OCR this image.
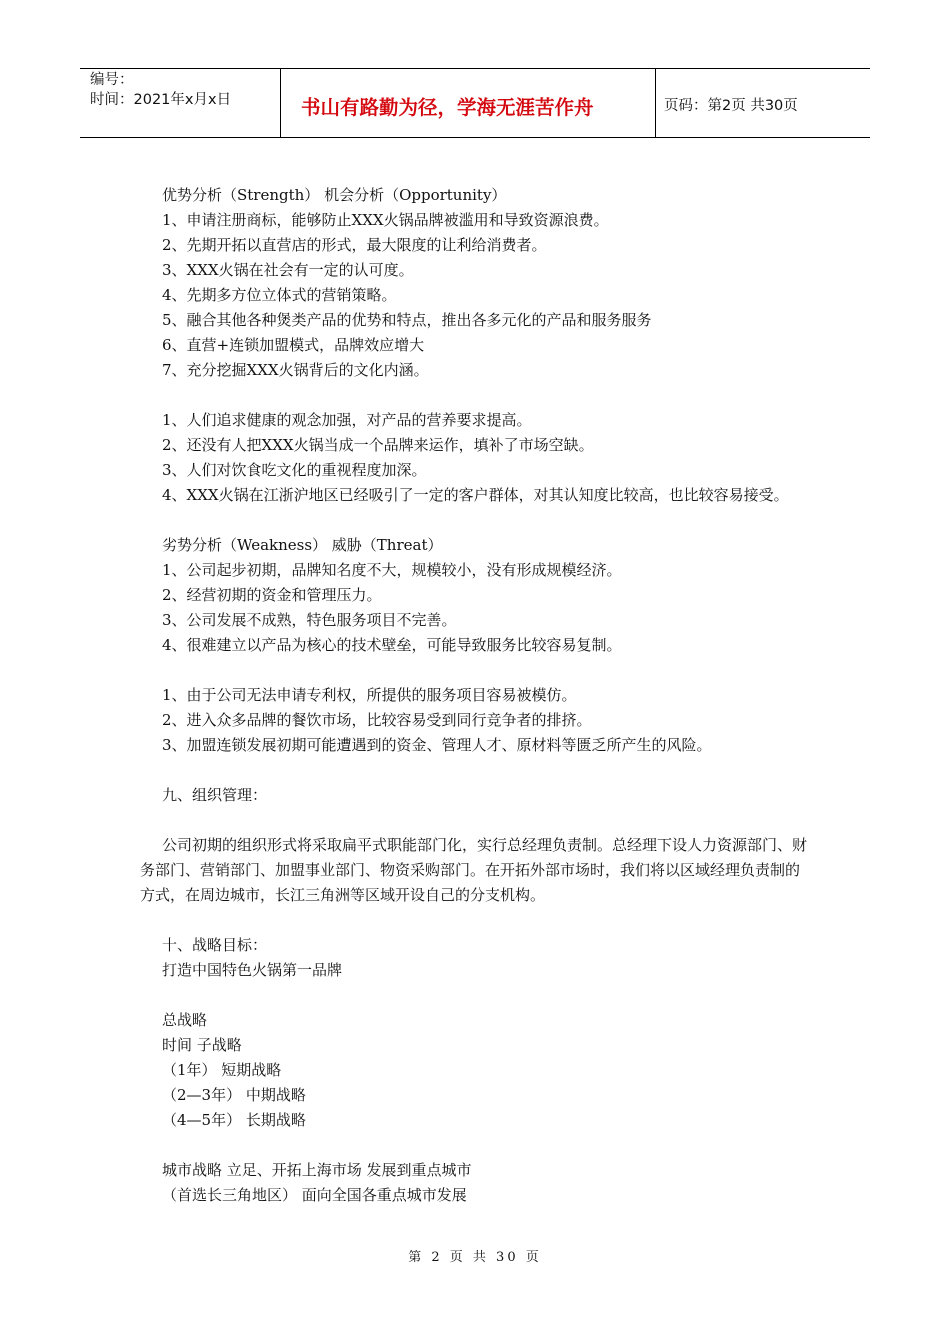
编号：
时间：2021年x月x日	书山有路勤为径，学海无涯苦作舟	页码：第2页 共30页

优势分析（Strength） 机会分析（Opportunity）

1、申请注册商标，能够防止XXX火锅品牌被滥用和导致资源浪费。

2、先期开拓以直营店的形式，最大限度的让利给消费者。

3、XXX火锅在社会有一定的认可度。

4、先期多方位立体式的营销策略。

5、融合其他各种煲类产品的优势和特点，推出各多元化的产品和服务服务

6、直营+连锁加盟模式，品牌效应增大

7、充分挖掘XXX火锅背后的文化内涵。

1、人们追求健康的观念加强，对产品的营养要求提高。

2、还没有人把XXX火锅当成一个品牌来运作，填补了市场空缺。

3、人们对饮食吃文化的重视程度加深。

4、XXX火锅在江浙沪地区已经吸引了一定的客户群体，对其认知度比较高，也比较容易接受。

劣势分析（Weakness） 威胁（Threat）

1、公司起步初期，品牌知名度不大，规模较小，没有形成规模经济。

2、经营初期的资金和管理压力。

3、公司发展不成熟，特色服务项目不完善。

4、很难建立以产品为核心的技术壁垒，可能导致服务比较容易复制。

1、由于公司无法申请专利权，所提供的服务项目容易被模仿。

2、进入众多品牌的餐饮市场，比较容易受到同行竞争者的排挤。

3、加盟连锁发展初期可能遭遇到的资金、管理人才、原材料等匮乏所产生的风险。

九、组织管理：

公司初期的组织形式将采取扁平式职能部门化，实行总经理负责制。总经理下设人力资源部门、财务部门、营销部门、加盟事业部门、物资采购部门。在开拓外部市场时，我们将以区域经理负责制的方式，在周边城市，长江三角洲等区域开设自己的分支机构。

十、战略目标：

打造中国特色火锅第一品牌

总战略

时间 子战略

（1年） 短期战略

（2—3年） 中期战略

（4—5年） 长期战略

城市战略 立足、开拓上海市场 发展到重点城市

（首选长三角地区） 面向全国各重点城市发展

第 2 页 共 30 页
